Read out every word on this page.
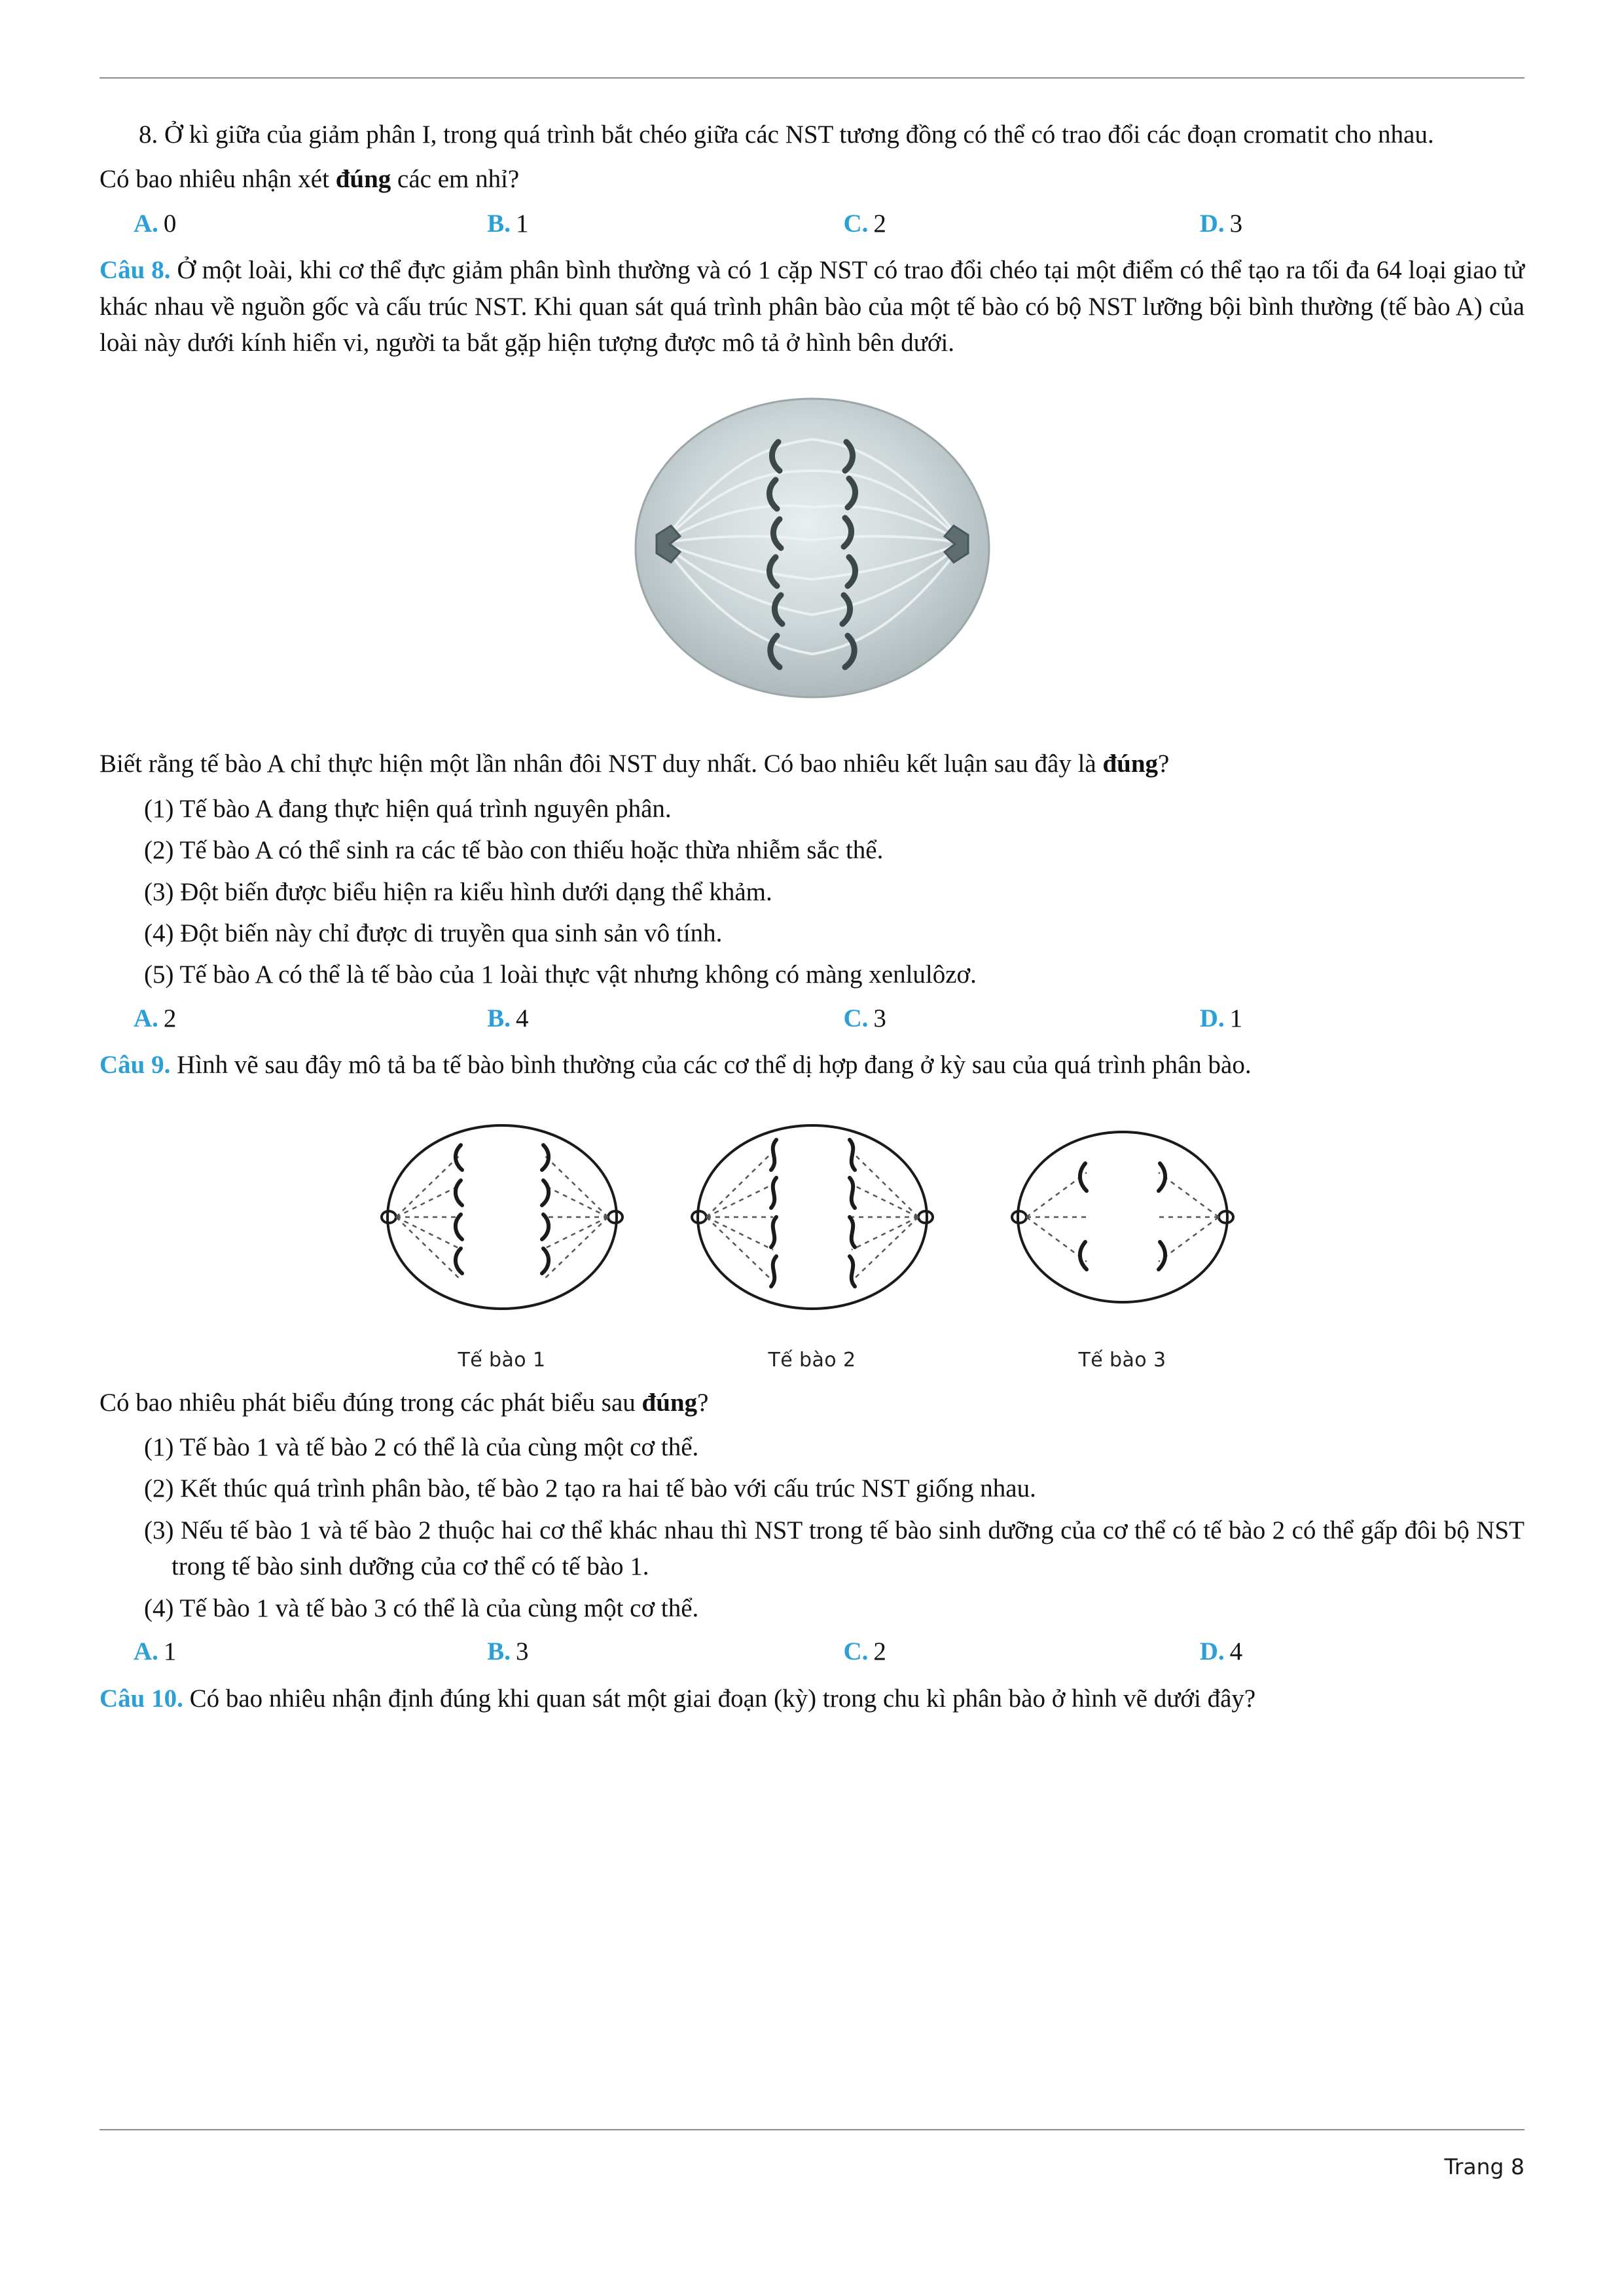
8. Ở kì giữa của giảm phân I, trong quá trình bắt chéo giữa các NST tương đồng có thể có trao đổi các đoạn cromatit cho nhau.

Có bao nhiêu nhận xét đúng các em nhỉ?

A. 0	B. 1	C. 2	D. 3

Câu 8. Ở một loài, khi cơ thể đực giảm phân bình thường và có 1 cặp NST có trao đổi chéo tại một điểm có thể tạo ra tối đa 64 loại giao tử khác nhau về nguồn gốc và cấu trúc NST. Khi quan sát quá trình phân bào của một tế bào có bộ NST lưỡng bội bình thường (tế bào A) của loài này dưới kính hiển vi, người ta bắt gặp hiện tượng được mô tả ở hình bên dưới.

Biết rằng tế bào A chỉ thực hiện một lần nhân đôi NST duy nhất. Có bao nhiêu kết luận sau đây là đúng?

(1) Tế bào A đang thực hiện quá trình nguyên phân.

(2) Tế bào A có thể sinh ra các tế bào con thiếu hoặc thừa nhiễm sắc thể.

(3) Đột biến được biểu hiện ra kiểu hình dưới dạng thể khảm.

(4) Đột biến này chỉ được di truyền qua sinh sản vô tính.

(5) Tế bào A có thể là tế bào của 1 loài thực vật nhưng không có màng xenlulôzơ.

A. 2	B. 4	C. 3	D. 1

Câu 9. Hình vẽ sau đây mô tả ba tế bào bình thường của các cơ thể dị hợp đang ở kỳ sau của quá trình phân bào.

Tế bào 1	Tế bào 2	Tế bào 3

Có bao nhiêu phát biểu đúng trong các phát biểu sau đúng?

(1) Tế bào 1 và tế bào 2 có thể là của cùng một cơ thể.

(2) Kết thúc quá trình phân bào, tế bào 2 tạo ra hai tế bào với cấu trúc NST giống nhau.

(3) Nếu tế bào 1 và tế bào 2 thuộc hai cơ thể khác nhau thì NST trong tế bào sinh dưỡng của cơ thể có tế bào 2 có thể gấp đôi bộ NST trong tế bào sinh dưỡng của cơ thể có tế bào 1.

(4) Tế bào 1 và tế bào 3 có thể là của cùng một cơ thể.

A. 1	B. 3	C. 2	D. 4

Câu 10. Có bao nhiêu nhận định đúng khi quan sát một giai đoạn (kỳ) trong chu kì phân bào ở hình vẽ dưới đây?

Trang 8
